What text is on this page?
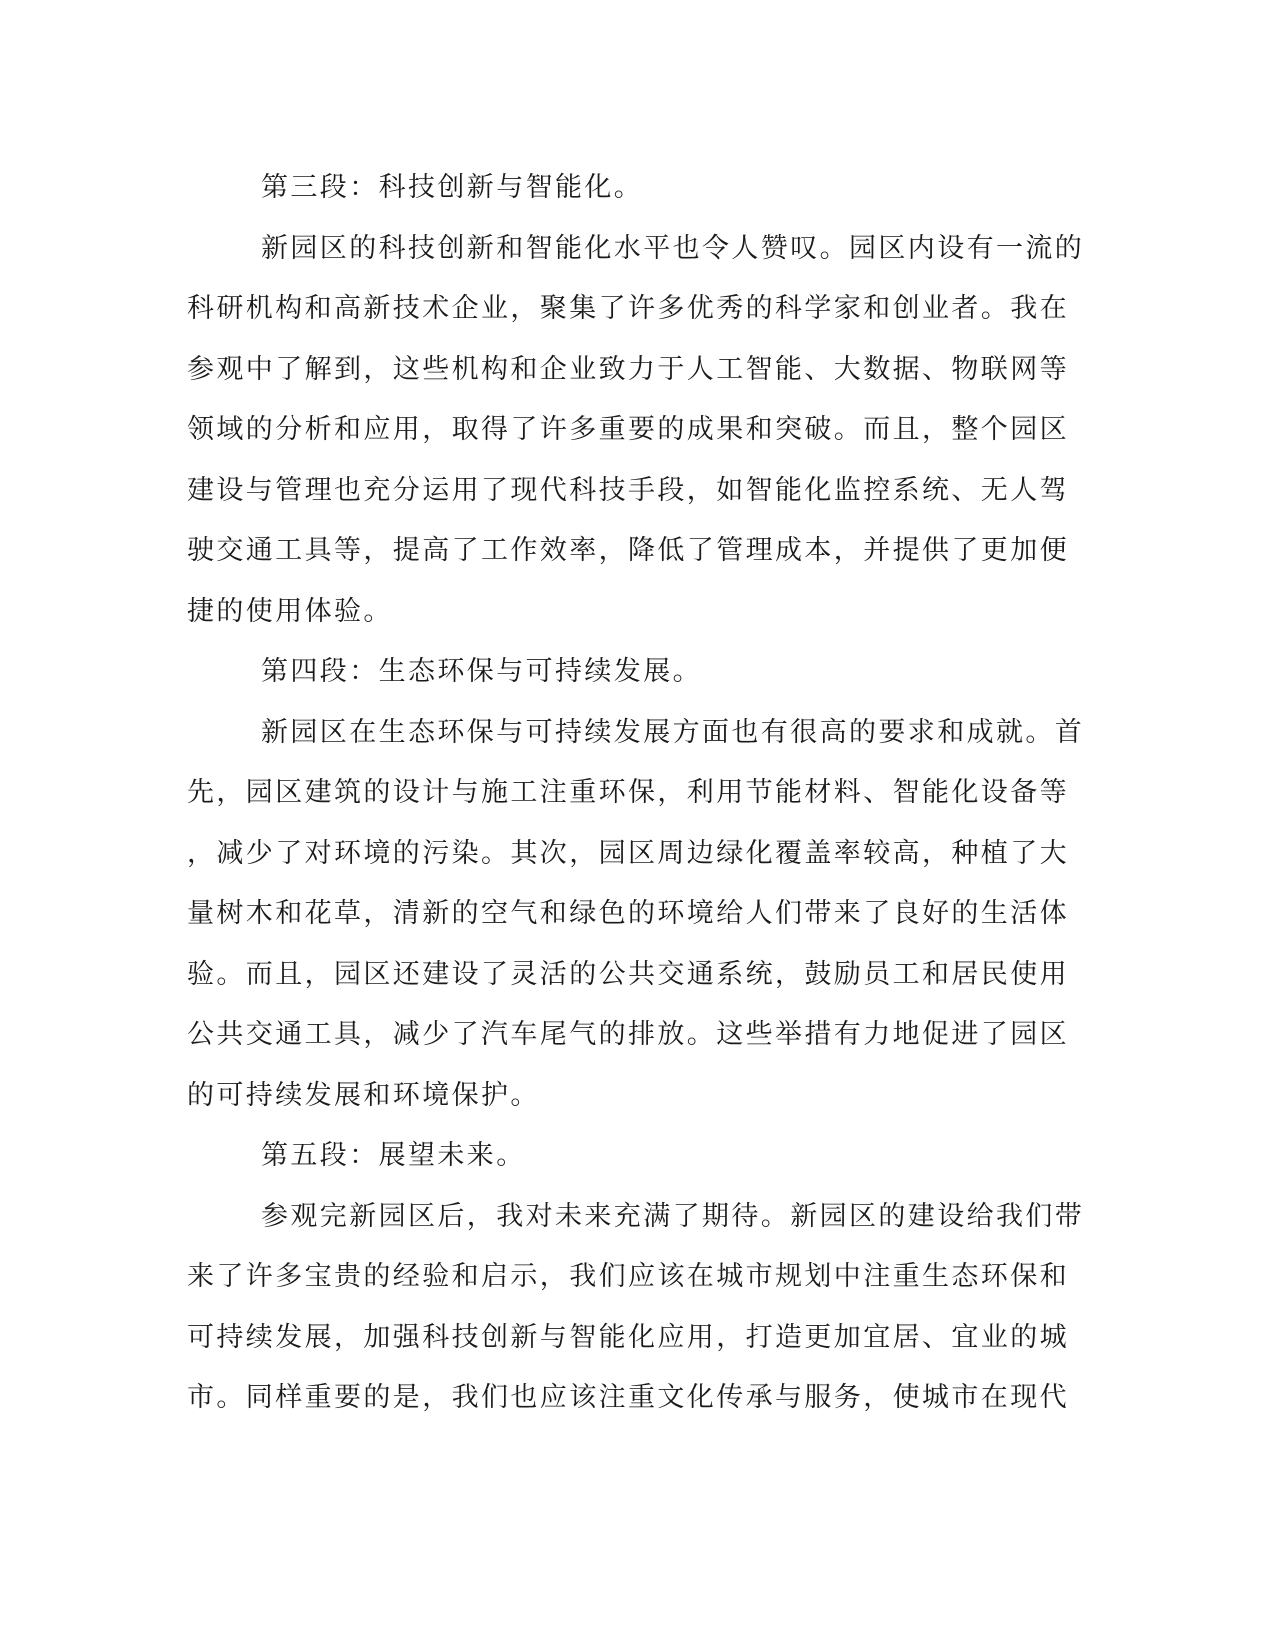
第三段：科技创新与智能化。
新园区的科技创新和智能化水平也令人赞叹。园区内设有一流的
科研机构和高新技术企业，聚集了许多优秀的科学家和创业者。我在
参观中了解到，这些机构和企业致力于人工智能、大数据、物联网等
领域的分析和应用，取得了许多重要的成果和突破。而且，整个园区
建设与管理也充分运用了现代科技手段，如智能化监控系统、无人驾
驶交通工具等，提高了工作效率，降低了管理成本，并提供了更加便
捷的使用体验。
第四段：生态环保与可持续发展。
新园区在生态环保与可持续发展方面也有很高的要求和成就。首
先，园区建筑的设计与施工注重环保，利用节能材料、智能化设备等
，减少了对环境的污染。其次，园区周边绿化覆盖率较高，种植了大
量树木和花草，清新的空气和绿色的环境给人们带来了良好的生活体
验。而且，园区还建设了灵活的公共交通系统，鼓励员工和居民使用
公共交通工具，减少了汽车尾气的排放。这些举措有力地促进了园区
的可持续发展和环境保护。
第五段：展望未来。
参观完新园区后，我对未来充满了期待。新园区的建设给我们带
来了许多宝贵的经验和启示，我们应该在城市规划中注重生态环保和
可持续发展，加强科技创新与智能化应用，打造更加宜居、宜业的城
市。同样重要的是，我们也应该注重文化传承与服务，使城市在现代
